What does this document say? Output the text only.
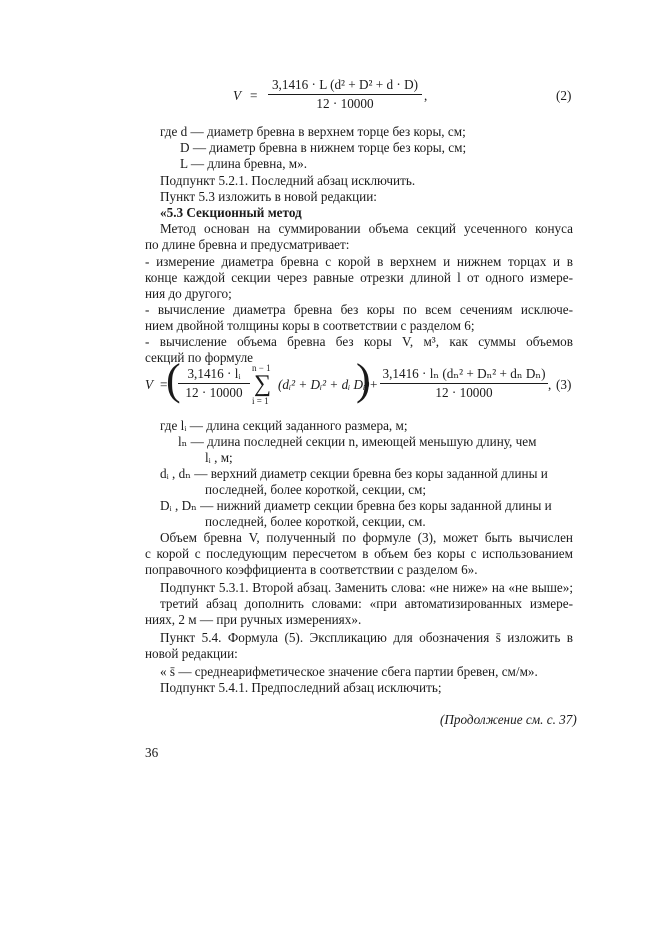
$V = \frac{\text{3,1416 · L (d² + D² + d · D)}}{12 \cdot 10000}$ ,	(2)
где d — диаметр бревна в верхнем торце без коры, см;
D — диаметр бревна в нижнем торце без коры, см;
L — длина бревна, м».
Подпункт 5.2.1. Последний абзац исключить.
Пункт 5.3 изложить в новой редакции:
«5.3 Секционный метод
Метод основан на суммировании объема секций усеченного конуса
по длине бревна и предусматривает:
- измерение диаметра бревна с корой в верхнем и нижнем торцах и в
конце каждой секции через равные отрезки длиной l от одного измере-
ния до другого;
- вычисление диаметра бревна без коры по всем сечениям исключе-
нием двойной толщины коры в соответствии с разделом 6;
- вычисление объема бревна без коры V, м³, как суммы объемов
секций по формуле
V =
(
$\frac{\text{3,1416 · lᵢ}}{12 \cdot 10000}$ n − 1
∑
i = 1
(dᵢ² + Dᵢ² + dᵢ Dᵢ)
) + $\frac{\text{3,1416 · lₙ (dₙ² + Dₙ² + dₙ Dₙ)}}{12 \cdot 10000}$ , (3)
где lᵢ — длина секций заданного размера, м;
lₙ — длина последней секции n, имеющей меньшую длину, чем
lᵢ , м;
dᵢ , dₙ — верхний диаметр секции бревна без коры заданной длины и
последней, более короткой, секции, см;
Dᵢ , Dₙ — нижний диаметр секции бревна без коры заданной длины и
последней, более короткой, секции, см.
Объем бревна V, полученный по формуле (3), может быть вычислен
с корой с последующим пересчетом в объем без коры с использованием
поправочного коэффициента в соответствии с разделом 6».
Подпункт 5.3.1. Второй абзац. Заменить слова: «не ниже» на «не выше»;
третий абзац дополнить словами: «при автоматизированных измере-
ниях, 2 м — при ручных измерениях».
Пункт 5.4. Формула (5). Экспликацию для обозначения s̄ изложить в
новой редакции:
« s̄ — среднеарифметическое значение сбега партии бревен, см/м».
Подпункт 5.4.1. Предпоследний абзац исключить;
(Продолжение см. с. 37)
36
